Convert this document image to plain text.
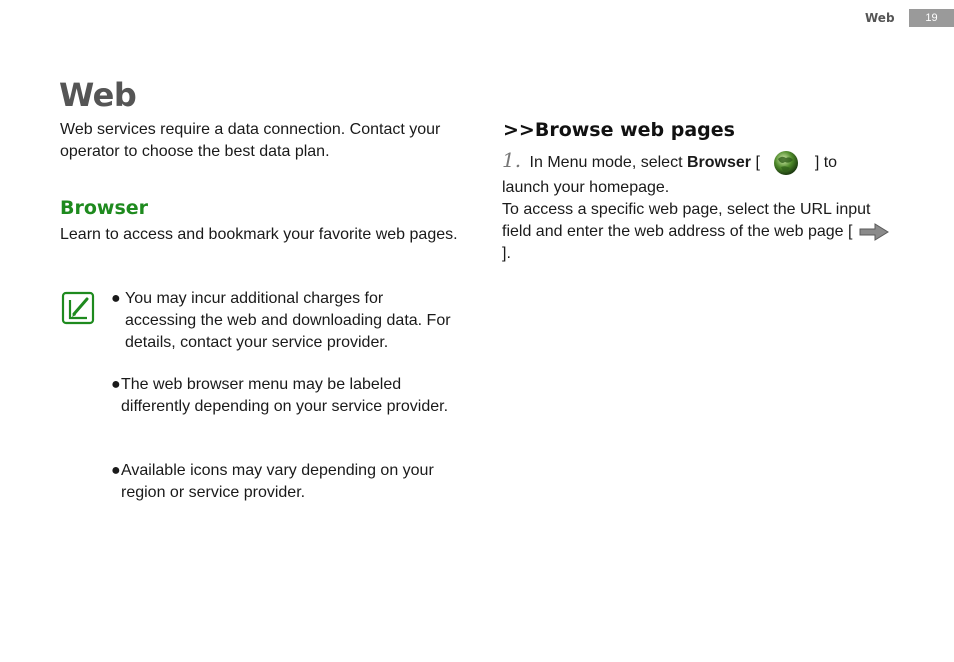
Web	19
Web
Web services require a data connection. Contact your operator to choose the best data plan.
Browser
Learn to access and bookmark your favorite web pages.
● You may incur additional charges for accessing the web and downloading data. For details, contact your service provider.
● The web browser menu may be labeled differently depending on your service provider.
● Available icons may vary depending on your region or service provider.
>>Browse web pages
1. In Menu mode, select Browser [	] to
launch your homepage.
To access a specific web page, select the URL input field and enter the web address of the web page [  ].
